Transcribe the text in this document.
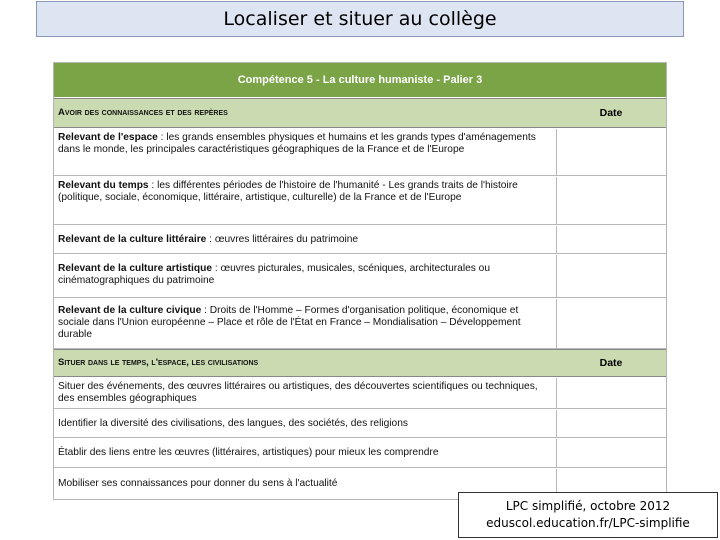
Localiser et situer au collège
Compétence 5 - La culture humaniste - Palier 3
Avoir des connaissances et des repères	Date
Relevant de l'espace : les grands ensembles physiques et humains et les grands types d'aménagements dans le monde, les principales caractéristiques géographiques de la France et de l'Europe
Relevant du temps : les différentes périodes de l'histoire de l'humanité - Les grands traits de l'histoire (politique, sociale, économique, littéraire, artistique, culturelle) de la France et de l'Europe
Relevant de la culture littéraire : œuvres littéraires du patrimoine
Relevant de la culture artistique : œuvres picturales, musicales, scéniques, architecturales ou cinématographiques du patrimoine
Relevant de la culture civique : Droits de l'Homme – Formes d'organisation politique, économique et sociale dans l'Union européenne – Place et rôle de l'État en France – Mondialisation – Développement durable
Situer dans le temps, l'espace, les civilisations	Date
Situer des événements, des œuvres littéraires ou artistiques, des découvertes scientifiques ou techniques, des ensembles géographiques
Identifier la diversité des civilisations, des langues, des sociétés, des religions
Établir des liens entre les œuvres (littéraires, artistiques) pour mieux les comprendre
Mobiliser ses connaissances pour donner du sens à l'actualité
LPC simplifié, octobre 2012
eduscol.education.fr/LPC-simplifie
